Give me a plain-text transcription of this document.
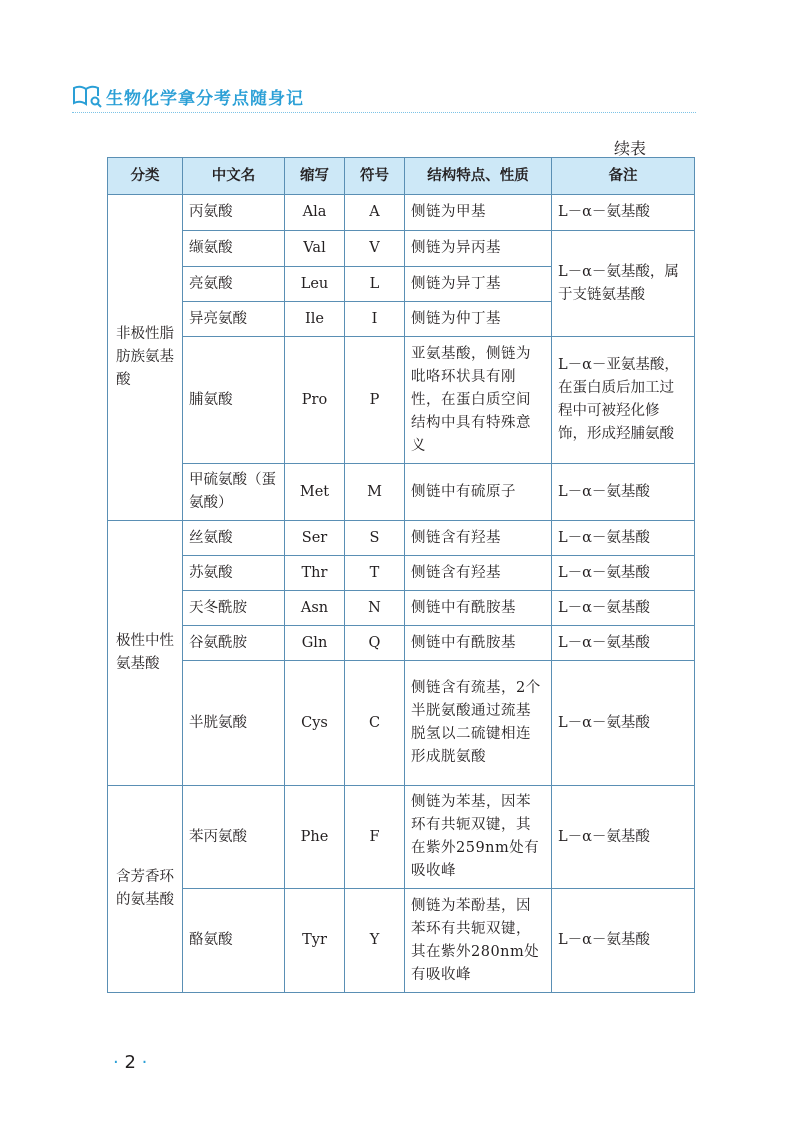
生物化学拿分考点随身记
续表
分类	中文名	缩写	符号	结构特点、性质	备注
非极性脂肪族氨基酸	丙氨酸	Ala	A	侧链为甲基	L－α－氨基酸
	缬氨酸	Val	V	侧链为异丙基	L－α－氨基酸，属于支链氨基酸
	亮氨酸	Leu	L	侧链为异丁基	
	异亮氨酸	Ile	I	侧链为仲丁基	
	脯氨酸	Pro	P	亚氨基酸，侧链为吡咯环状具有刚性，在蛋白质空间结构中具有特殊意义	L－α－亚氨基酸，在蛋白质后加工过程中可被羟化修饰，形成羟脯氨酸
	甲硫氨酸（蛋氨酸）	Met	M	侧链中有硫原子	L－α－氨基酸
极性中性氨基酸	丝氨酸	Ser	S	侧链含有羟基	L－α－氨基酸
	苏氨酸	Thr	T	侧链含有羟基	L－α－氨基酸
	天冬酰胺	Asn	N	侧链中有酰胺基	L－α－氨基酸
	谷氨酰胺	Gln	Q	侧链中有酰胺基	L－α－氨基酸
	半胱氨酸	Cys	C	侧链含有巯基，2个半胱氨酸通过巯基脱氢以二硫键相连形成胱氨酸	L－α－氨基酸
含芳香环的氨基酸	苯丙氨酸	Phe	F	侧链为苯基，因苯环有共轭双键，其在紫外259nm处有吸收峰	L－α－氨基酸
	酪氨酸	Tyr	Y	侧链为苯酚基，因苯环有共轭双键，其在紫外280nm处有吸收峰	L－α－氨基酸
· 2 ·
